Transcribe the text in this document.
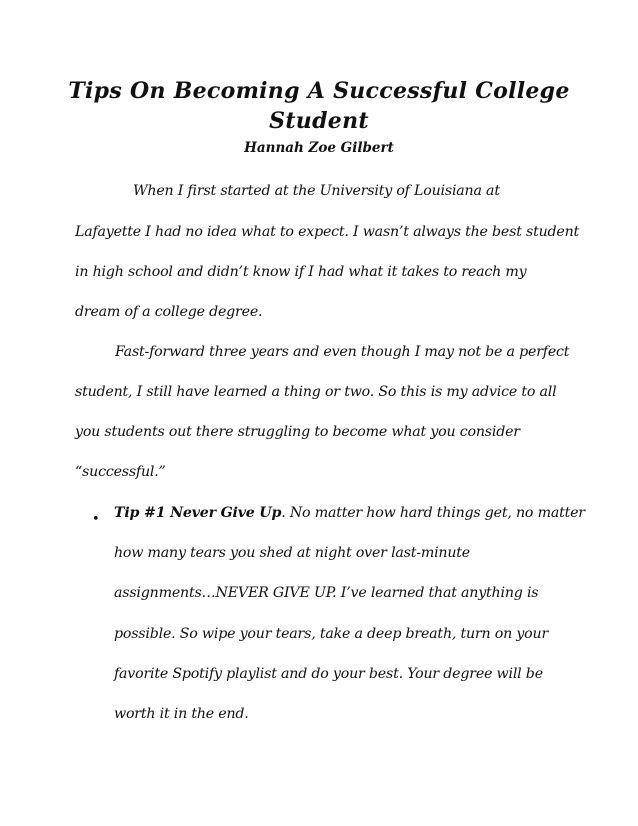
Tips On Becoming A Successful College
Student
Hannah Zoe Gilbert
When I first started at the University of Louisiana at
Lafayette I had no idea what to expect. I wasn’t always the best student
in high school and didn’t know if I had what it takes to reach my
dream of a college degree.
Fast-forward three years and even though I may not be a perfect
student, I still have learned a thing or two. So this is my advice to all
you students out there struggling to become what you consider
“successful.”
• Tip #1 Never Give Up. No matter how hard things get, no matter
how many tears you shed at night over last-minute
assignments…NEVER GIVE UP. I’ve learned that anything is
possible. So wipe your tears, take a deep breath, turn on your
favorite Spotify playlist and do your best. Your degree will be
worth it in the end.
